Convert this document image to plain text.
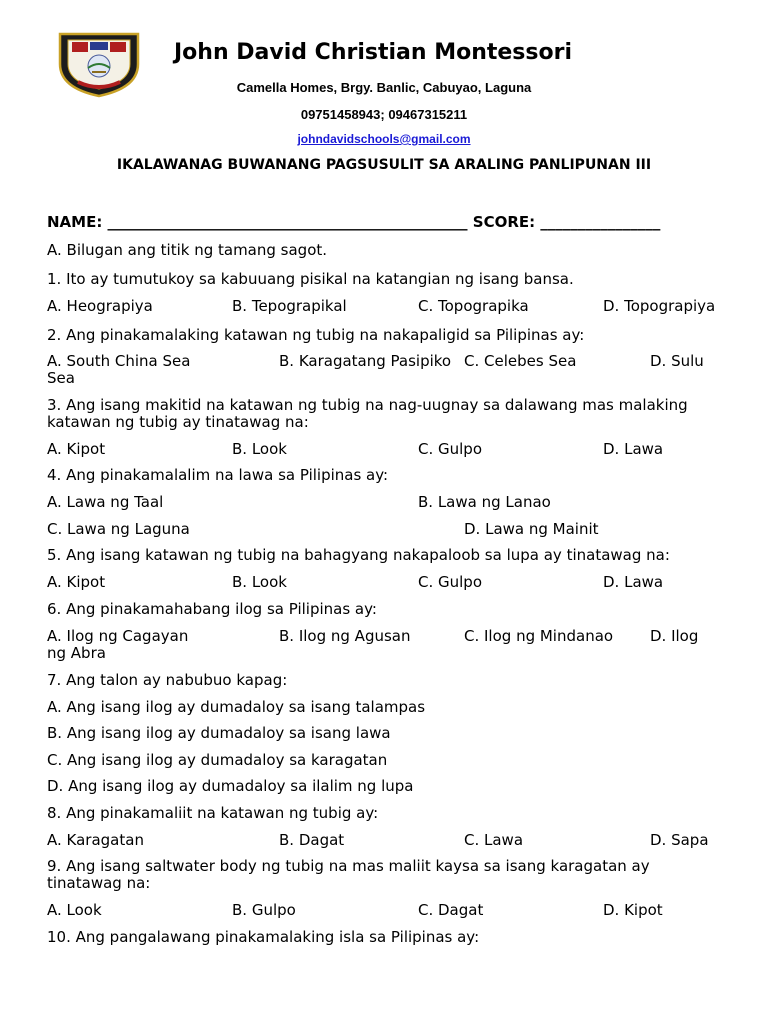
John David Christian Montessori
Camella Homes, Brgy. Banlic, Cabuyao, Laguna
09751458943; 09467315211
johndavidschools@gmail.com
IKALAWANAG BUWANANG PAGSUSULIT SA ARALING PANLIPUNAN III
NAME: ________________________________________________ SCORE: ________________
A. Bilugan ang titik ng tamang sagot.
1. Ito ay tumutukoy sa kabuuang pisikal na katangian ng isang bansa.
A. Heograpiya	B. Tepograpikal	C. Topograpika	D. Topograpiya
2. Ang pinakamalaking katawan ng tubig na nakapaligid sa Pilipinas ay:
A. South China Sea	B. Karagatang Pasipiko C. Celebes Sea	D. Sulu
Sea
3. Ang isang makitid na katawan ng tubig na nag-uugnay sa dalawang mas malaking katawan ng tubig ay tinatawag na:
A. Kipot	B. Look	C. Gulpo	D. Lawa
4. Ang pinakamalalim na lawa sa Pilipinas ay:
A. Lawa ng Taal	B. Lawa ng Lanao
C. Lawa ng Laguna	D. Lawa ng Mainit
5. Ang isang katawan ng tubig na bahagyang nakapaloob sa lupa ay tinatawag na:
A. Kipot	B. Look	C. Gulpo	D. Lawa
6. Ang pinakamahabang ilog sa Pilipinas ay:
A. Ilog ng Cagayan	B. Ilog ng Agusan	C. Ilog ng Mindanao D. Ilog
ng Abra
7. Ang talon ay nabubuo kapag:
A. Ang isang ilog ay dumadaloy sa isang talampas
B. Ang isang ilog ay dumadaloy sa isang lawa
C. Ang isang ilog ay dumadaloy sa karagatan
D. Ang isang ilog ay dumadaloy sa ilalim ng lupa
8. Ang pinakamaliit na katawan ng tubig ay:
A. Karagatan	B. Dagat	C. Lawa	D. Sapa
9. Ang isang saltwater body ng tubig na mas maliit kaysa sa isang karagatan ay tinatawag na:
A. Look	B. Gulpo	C. Dagat	D. Kipot
10. Ang pangalawang pinakamalaking isla sa Pilipinas ay:
